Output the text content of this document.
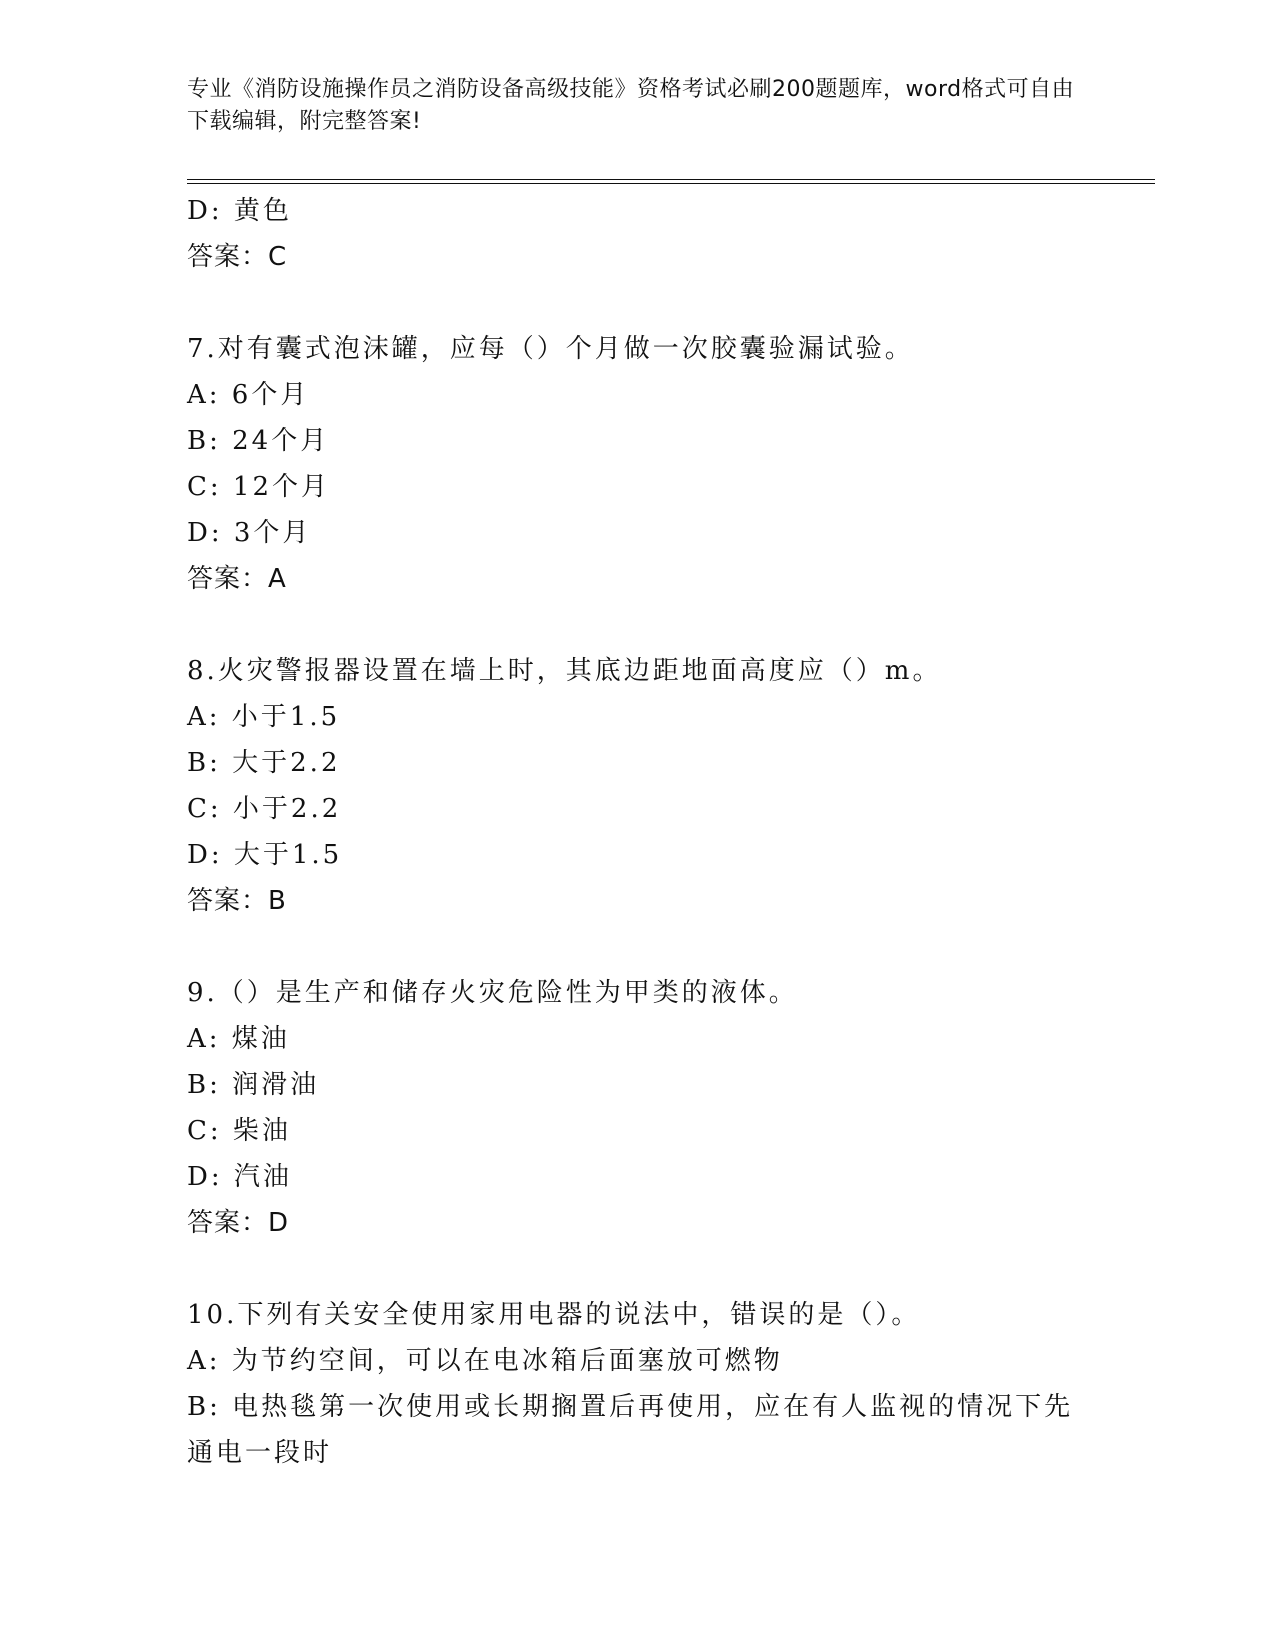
专业《消防设施操作员之消防设备高级技能》资格考试必刷200题题库，word格式可自由下载编辑，附完整答案!
D: 黄色
答案：C
7.对有囊式泡沫罐，应每（）个月做一次胶囊验漏试验。
A: 6个月
B: 24个月
C: 12个月
D: 3个月
答案：A
8.火灾警报器设置在墙上时，其底边距地面高度应（）m。
A: 小于1.5
B: 大于2.2
C: 小于2.2
D: 大于1.5
答案：B
9.（）是生产和储存火灾危险性为甲类的液体。
A: 煤油
B: 润滑油
C: 柴油
D: 汽油
答案：D
10.下列有关安全使用家用电器的说法中，错误的是（）。
A: 为节约空间，可以在电冰箱后面塞放可燃物
B: 电热毯第一次使用或长期搁置后再使用，应在有人监视的情况下先通电一段时
